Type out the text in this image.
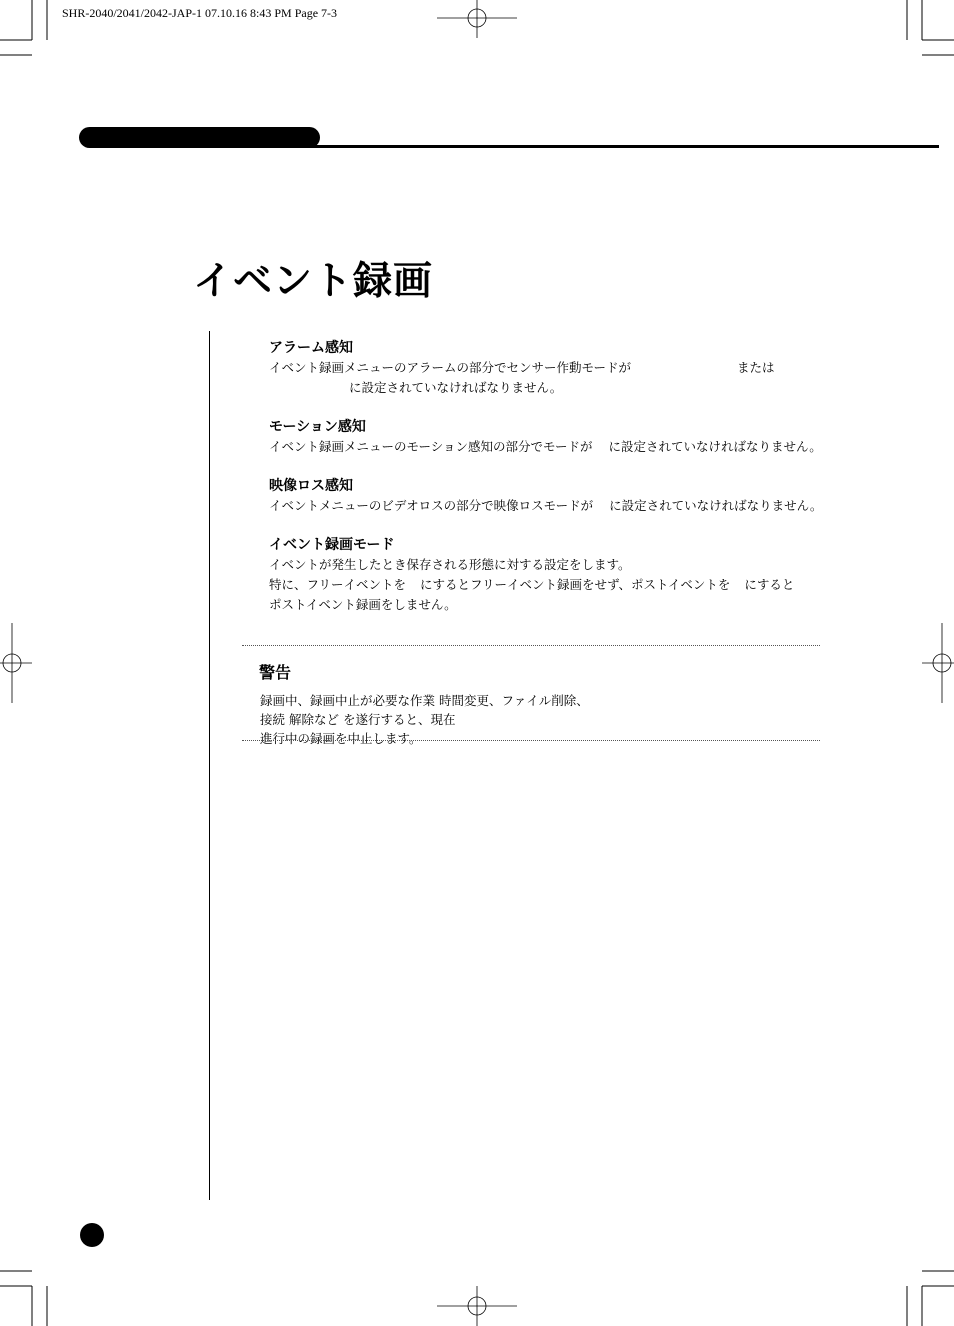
SHR-2040/2041/2042-JAP-1 07.10.16 8:43 PM Page 7-3
イベント録画

アラーム感知

イベント録画メニューのアラームの部分でセンサー作動モードが	または

に設定されていなければなりません。

モーション感知

イベント録画メニューのモーション感知の部分でモードが に設定されていなければなりません。

映像ロス感知

イベントメニューのビデオロスの部分で映像ロスモードが に設定されていなければなりません。

イベント録画モード

イベントが発生したとき保存される形態に対する設定をします。

特に、フリーイベントを にするとフリーイベント録画をせず、ポストイベントを にすると

ポストイベント録画をしません。

警告

録画中、録画中止が必要な作業 時間変更、ファイル削除、
接続 解除など を遂行すると、現在
進行中の録画を中止します。
